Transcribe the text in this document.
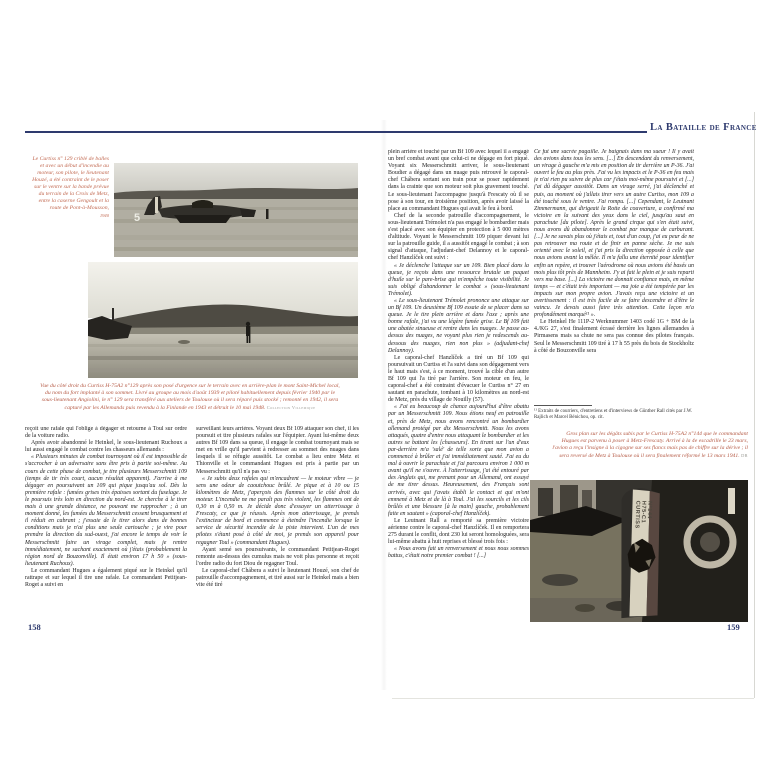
La Bataille de France
Le Curtiss n° 129 criblé de balles et avec un début d'incendie au moteur, son pilote, le lieutenant Houzé, a été contraint de le poser sur le ventre sur la bande prévue du terrain de la Croix de Metz, entre la caserne Gengoult et la route de Pont-à-Mousson,
1940 5
Vue du côté droit du Curtiss H-75A2 n°129 après son posé d'urgence sur le terrain avec en arrière-plan le mont Saint-Michel local, du nom du fort implanté à son sommet. Livré au groupe au mois d'août 1939 et piloté habituellement depuis février 1940 par le sous-lieutenant Angiolini, le n° 129 sera transféré aux ateliers de Toulouse où il sera réparé puis stocké ; remonté en 1942, il sera capturé par les Allemands puis revendu à la Finlande en 1943 et détruit le 10 mai 1948. Collection Villemique

reçoit une rafale qui l'oblige à dégager et retourne à Toul sur ordre de la voiture radio.

Après avoir abandonné le Heinkel, le sous-lieutenant Ruchoux a lui aussi engagé le combat contre les chasseurs allemands :

« Plusieurs minutes de combat tournoyant où il est impossible de s'accrocher à un adversaire sans être pris à partie soi-même. Au cours de cette phase de combat, je tire plusieurs Messerschmitt 109 (temps de tir très court, aucun résultat apparent). J'arrive à me dégager en poursuivant un 109 qui pique jusqu'au sol. Dès la première rafale : fumées grises très épaisses sortant du fuselage. Je le poursuis très loin en direction du nord-est. Je cherche à le tirer mais à une grande distance, ne pouvant me rapprocher ; à un moment donné, les fumées du Messerschmitt cessent brusquement et il réduit en cabrant ; j'essaie de le tirer alors dans de bonnes conditions mais je n'ai plus une seule cartouche ; je vire pour prendre la direction du sud-ouest, j'ai encore le temps de voir le Messerschmitt faire un virage complet, mais je rentre immédiatement, ne sachant exactement où j'étais (probablement la région nord de Bouzonville). Il était environ 17 h 50 » (sous-lieutenant Ruchoux).

Le commandant Hugues a également piqué sur le Heinkel qu'il rattrape et sur lequel il tire une rafale. Le commandant Petitjean-Roget a suivi en

surveillant leurs arrières. Voyant deux Bf 109 attaquer son chef, il les poursuit et tire plusieurs rafales sur l'équipier. Ayant lui-même deux autres Bf 109 dans sa queue, il engage le combat tournoyant mais se met en vrille qu'il parvient à redresser au sommet des nuages dans lesquels il se réfugie aussitôt. Le combat a lieu entre Metz et Thionville et le commandant Hugues est pris à partie par un Messerschmitt qu'il n'a pas vu :

« Je subis deux rafales qui m'encadrent — le moteur vibre — je sens une odeur de caoutchouc brûlé. Je pique et à 10 ou 15 kilomètres de Metz, j'aperçois des flammes sur le côté droit du moteur. L'incendie ne me paraît pas très violent, les flammes ont de 0,30 m à 0,50 m. Je décide donc d'essayer un atterrissage à Frescaty, ce que je réussis. Après mon atterrissage, je prends l'extincteur de bord et commence à éteindre l'incendie lorsque le service de sécurité incendie de la piste intervient. L'un de mes pilotes s'étant posé à côté de moi, je prends son appareil pour regagner Toul » (commandant Hugues).

Ayant semé ses poursuivants, le commandant Petitjean-Roget remonte au-dessus des cumulus mais ne voit plus personne et reçoit l'ordre radio du fort Diou de regagner Toul.

Le caporal-chef Chábera a suivi le lieutenant Houzé, son chef de patrouille d'accompagnement, et tiré aussi sur le Heinkel mais a bien vite été tiré

158

plein arrière et touché par un Bf 109 avec lequel il a engagé un bref combat avant que celui-ci ne dégage en fort piqué. Voyant six Messerschmitt arriver, le sous-lieutenant Boudier a dégagé dans un nuage puis retrouvé le caporal-chef Chábera sortant son train pour se poser rapidement dans la crainte que son moteur soit plus gravement touché. Le sous-lieutenant l'accompagne jusqu'à Frescaty où il se pose à son tour, en troisième position, après avoir laissé la place au commandant Hugues qui avait le feu à bord.

Chef de la seconde patrouille d'accompagnement, le sous-lieutenant Trémolet n'a pas engagé le bombardier mais s'est placé avec son équipier en protection à 5 000 mètres d'altitude. Voyant le Messerschmitt 109 piquer devant lui sur la patrouille guide, il a aussitôt engagé le combat ; à son signal d'attaque, l'adjudant-chef Delannoy et le caporal-chef Hanzlíček ont suivi :

« Je déclenche l'attaque sur un 109. Bien placé dans la queue, je reçois dans une ressource brutale un paquet d'huile sur le pare-brise qui m'empêche toute visibilité. Je suis obligé d'abandonner le combat » (sous-lieutenant Trémolet).

« Le sous-lieutenant Trémolet prononce une attaque sur un Bf 109. Un deuxième Bf 109 essaie de se placer dans sa queue. Je le tire plein arrière et dans l'axe ; après une bonne rafale, j'ai vu une légère fumée grise. Le Bf 109 fait une abatée sinueuse et rentre dans les nuages. Je passe au-dessus des nuages, ne voyant plus rien je redescends au-dessous des nuages, rien non plus » (adjudant-chef Delannoy).

Le caporal-chef Hanzlíček a tiré un Bf 109 qui poursuivait un Curtiss et l'a suivi dans son dégagement vers le haut mais s'est, à ce moment, trouvé la cible d'un autre Bf 109 qui l'a tiré par l'arrière. Son moteur en feu, le caporal-chef a été contraint d'évacuer le Curtiss n° 27 en sautant en parachute, tombant à 10 kilomètres au nord-est de Metz, près du village de Nouilly (57).

« J'ai eu beaucoup de chance aujourd'hui d'être abattu par un Messerschmitt 109. Nous étions neuf en patrouille et, près de Metz, nous avons rencontré un bombardier allemand protégé par dix Messerschmitt. Nous les avons attaqués, quatre d'entre nous attaquant le bombardier et les autres se battant les [chasseurs]. En tirant sur l'un d'eux par-derrière m'a 'salé' de telle sorte que mon avion a commencé à brûler et j'ai immédiatement sauté. J'ai eu du mal à ouvrir le parachute et j'ai parcouru environ 1 000 m avant qu'il ne s'ouvre. À l'atterrissage, j'ai été entouré par des Anglais qui, me prenant pour un Allemand, ont essayé de me tirer dessus. Heureusement, des Français sont arrivés, avec qui j'avais établi le contact et qui m'ont emmené à Metz et de là à Toul. J'ai les sourcils et les cils brûlés et une blessure [à la main] gauche, probablement faite en sautant » (caporal-chef Hanzlíček).

Le Leutnant Rall a remporté sa première victoire aérienne contre le caporal-chef Hanzlíček. Il en remportera 275 durant le conflit, dont 230 lui seront homologuées, sera lui-même abattu à huit reprises et blessé trois fois :

« Nous avons fait un renversement et nous nous sommes battus, c'était notre premier combat ! [...]

Ce fut une sacrée pagaille. Je baignais dans ma sueur ! Il y avait des avions dans tous les sens. [...] En descendant du renversement, un virage à gauche m'a mis en position de tir derrière un P-36. J'ai ouvert le feu au plus près. J'ai vu les impacts et le P-36 en feu mais je n'ai rien pu suivre de plus car j'étais moi-même poursuivi et [...] j'ai dû dégager aussitôt. Dans un virage serré, j'ai déclenché et puis, au moment où j'allais tirer vers un autre Curtiss, mon 109 a été touché sous le ventre. J'ai rompu. [...] Cependant, le Leutnant Zimmermann, qui dirigeait la Rotte de couverture, a confirmé ma victoire en la suivant des yeux dans le ciel, jusqu'au saut en parachute [du pilote]. Après le grand cirque qui s'en était suivi, nous avons dû abandonner le combat par manque de carburant. [...] Je ne savais plus où j'étais et, tout d'un coup, j'ai eu peur de ne pas retrouver ma route et de finir en panne sèche. Je me suis orienté avec le soleil, et j'ai pris la direction opposée à celle que nous avions avant la mêlée. Il m'a fallu une éternité pour identifier enfin un repère, et trouver l'aérodrome où nous avions été basés un mois plus tôt près de Mannheim. J'y ai fait le plein et je suis reparti vers ma base. [...] La victoire me donnait confiance mais, en même temps — et c'était très important — ma joie a été tempérée par les impacts sur mon propre avion. J'avais reçu une victoire et un avertissement : il est très facile de se faire descendre et d'être le vaincu. Je devais aussi faire très attention. Cette leçon m'a profondément marqué¹¹ ».

Le Heinkel He 111P-2 Werknummer 1403 codé 1G + BM de la 4./KG 27, s'est finalement écrasé derrière les lignes allemandes à Pirmasens mais sa chute ne sera pas connue des pilotes français. Seul le Messerschmitt 109 tiré à 17 h 55 près du bois de Stockholtz à côté de Bouzonville sera

¹¹ Extraits de courriers, d'entretiens et d'interviews de Günther Rall cités par J.W. Rajlich et Marcel Bénichou, op. cit.
Gros plan sur les dégâts subis par le Curtiss H-75A2 n°144 que le commandant Hugues est parvenu à poser à Metz-Frescaty. Arrivé à la 4e escadrille le 23 mars, l'avion a reçu l'insigne à la cigogne sur ses flancs mais pas de chiffre sur la dérive ; il sera reversé de Metz à Toulouse où il sera finalement réformé le 13 mars 1941. DR
CURTISS H75-C1 Nº144
159
